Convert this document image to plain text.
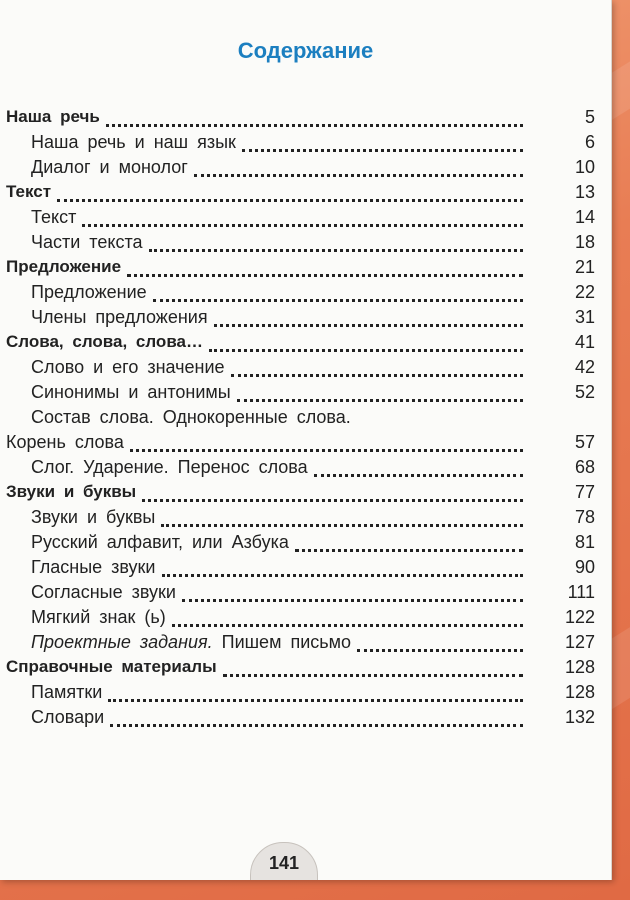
Содержание
Наша речь	5
Наша речь и наш язык	6
Диалог и монолог	10
Текст	13
Текст	14
Части текста	18
Предложение	21
Предложение	22
Члены предложения	31
Слова, слова, слова…	41
Слово и его значение	42
Синонимы и антонимы	52
Состав слова. Однокоренные слова.
Корень слова	57
Слог. Ударение. Перенос слова	68
Звуки и буквы	77
Звуки и буквы	78
Русский алфавит, или Азбука	81
Гласные звуки	90
Согласные звуки	111
Мягкий знак (ь)	122
Проектные задания. Пишем письмо	127
Справочные материалы	128
Памятки	128
Словари	132
141
